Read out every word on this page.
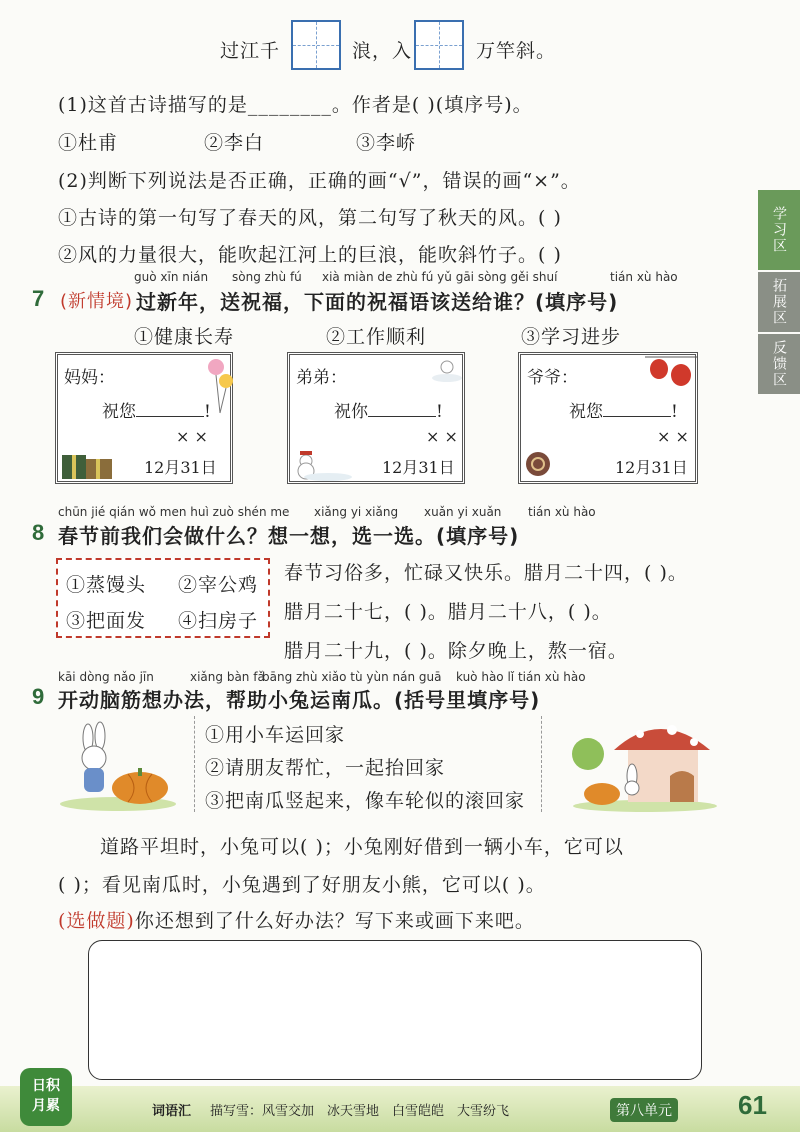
过江千	浪，入	万竿斜。
(1)这首古诗描写的是________。作者是( )(填序号)。
①杜甫	②李白	③李峤
(2)判断下列说法是否正确，正确的画“√”，错误的画“×”。
①古诗的第一句写了春天的风，第二句写了秋天的风。( )
②风的力量很大，能吹起江河上的巨浪，能吹斜竹子。( )
学习区
拓展区
反馈区
guò xīn nián sòng zhù fú xià miàn de zhù fú yǔ gāi sòng gěi shuí	tián xù hào
7 (新情境) 过新年，送祝福，下面的祝福语该送给谁？(填序号)
①健康长寿	②工作顺利	③学习进步
妈妈：
祝您	!
× ×
12月31日
弟弟：
祝你	!
× ×
12月31日
爷爷：
祝您	!
× ×
12月31日
chūn jié qián wǒ men huì zuò shén me xiǎng yi xiǎng xuǎn yi xuǎn tián xù hào
8 春节前我们会做什么？想一想，选一选。(填序号)
①蒸馒头 ②宰公鸡
③把面发 ④扫房子
春节习俗多，忙碌又快乐。腊月二十四，( )。
腊月二十七，( )。腊月二十八，( )。
腊月二十九，( )。除夕晚上，熬一宿。
kāi dòng nǎo jīn	xiǎng bàn fǎ
bāng zhù xiǎo tù yùn nán guā kuò hào lǐ tián xù hào
9 开动脑筋想办法，帮助小兔运南瓜。(括号里填序号)
①用小车运回家
②请朋友帮忙，一起抬回家
③把南瓜竖起来，像车轮似的滚回家
道路平坦时，小兔可以( )；小兔刚好借到一辆小车，它可以
( )；看见南瓜时，小兔遇到了好朋友小熊，它可以( )。
(选做题)你还想到了什么好办法？写下来或画下来吧。
日积
月累	词语汇 描写雪：风雪交加　冰天雪地　白雪皑皑　大雪纷飞	第八单元	61
